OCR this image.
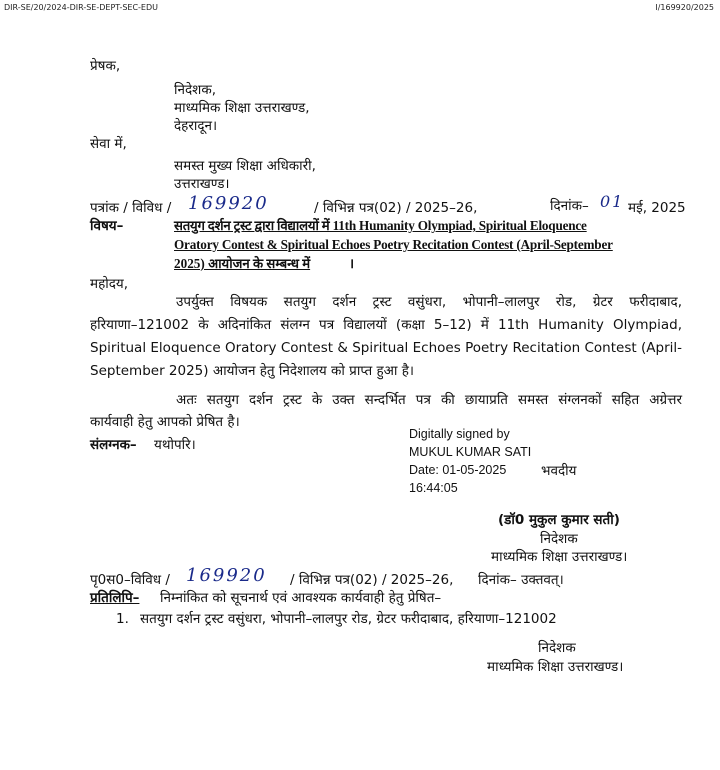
DIR-SE/20/2024-DIR-SE-DEPT-SEC-EDU	I/169920/2025
प्रेषक,
निदेशक,
माध्यमिक शिक्षा उत्तराखण्ड,
देहरादून।
सेवा में,
समस्त मुख्य शिक्षा अधिकारी,
उत्तराखण्ड।
पत्रांक / विविध / 169920	/ विभिन्न पत्र(02) / 2025–26,	दिनांक– 01 मई, 2025
विषय–	सतयुग दर्शन ट्रस्ट द्वारा विद्यालयों में 11th Humanity Olympiad, Spiritual Eloquence
Oratory Contest & Spiritual Echoes Poetry Recitation Contest (April-September
2025) आयोजन के सम्बन्ध में	।
महोदय,
उपर्युक्त विषयक सतयुग दर्शन ट्रस्ट वसुंधरा, भोपानी–लालपुर रोड, ग्रेटर फरीदाबाद,
हरियाणा–121002 के अदिनांकित संलग्न पत्र विद्यालयों (कक्षा 5–12) में 11th Humanity Olympiad,
Spiritual Eloquence Oratory Contest & Spiritual Echoes Poetry Recitation Contest (April-
September 2025) आयोजन हेतु निदेशालय को प्राप्त हुआ है।
अतः सतयुग दर्शन ट्रस्ट के उक्त सन्दर्भित पत्र की छायाप्रति समस्त संग्लनकों सहित अग्रेत्तर
कार्यवाही हेतु आपको प्रेषित है।
संलग्नक– यथोपरि।
Digitally signed by
MUKUL KUMAR SATI
Date: 01-05-2025
16:44:05
भवदीय
(डॉ0 मुकुल कुमार सती)
निदेशक
माध्यमिक शिक्षा उत्तराखण्ड।
पृ0स0–विविध / 169920 / विभिन्न पत्र(02) / 2025–26, दिनांक– उक्तवत्।
प्रतिलिपि– निम्नांकित को सूचनार्थ एवं आवश्यक कार्यवाही हेतु प्रेषित–
1. सतयुग दर्शन ट्रस्ट वसुंधरा, भोपानी–लालपुर रोड, ग्रेटर फरीदाबाद, हरियाणा–121002
निदेशक
माध्यमिक शिक्षा उत्तराखण्ड।
